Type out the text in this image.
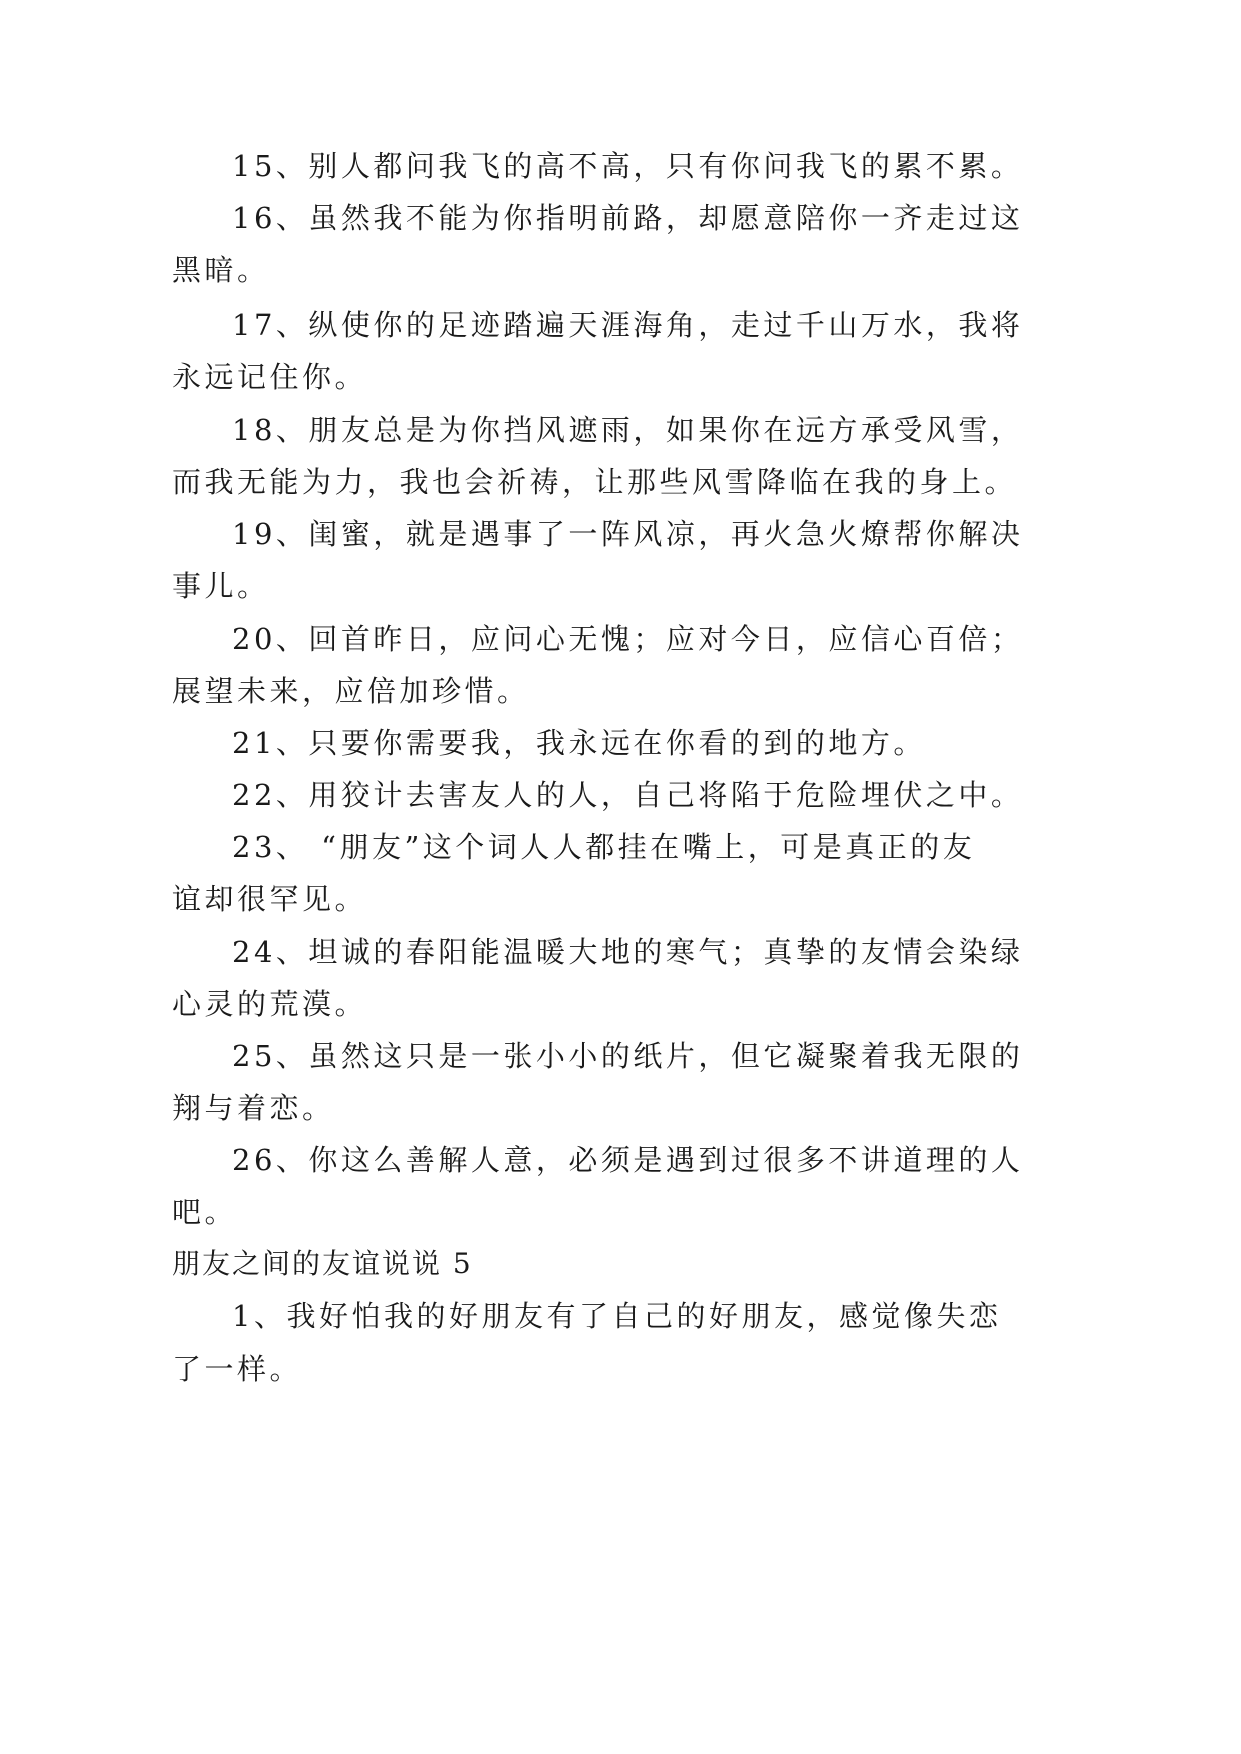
15、别人都问我飞的高不高，只有你问我飞的累不累。
16、虽然我不能为你指明前路，却愿意陪你一齐走过这
黑暗。
17、纵使你的足迹踏遍天涯海角，走过千山万水，我将
永远记住你。
18、朋友总是为你挡风遮雨，如果你在远方承受风雪，
而我无能为力，我也会祈祷，让那些风雪降临在我的身上。
19、闺蜜，就是遇事了一阵风凉，再火急火燎帮你解决
事儿。
20、回首昨日，应问心无愧；应对今日，应信心百倍；
展望未来，应倍加珍惜。
21、只要你需要我，我永远在你看的到的地方。
22、用狡计去害友人的人，自己将陷于危险埋伏之中。
23、 “朋友”这个词人人都挂在嘴上，可是真正的友
谊却很罕见。
24、坦诚的春阳能温暖大地的寒气；真挚的友情会染绿
心灵的荒漠。
25、虽然这只是一张小小的纸片，但它凝聚着我无限的
翔与着恋。
26、你这么善解人意，必须是遇到过很多不讲道理的人
吧。
朋友之间的友谊说说 5
1、我好怕我的好朋友有了自己的好朋友，感觉像失恋
了一样。
